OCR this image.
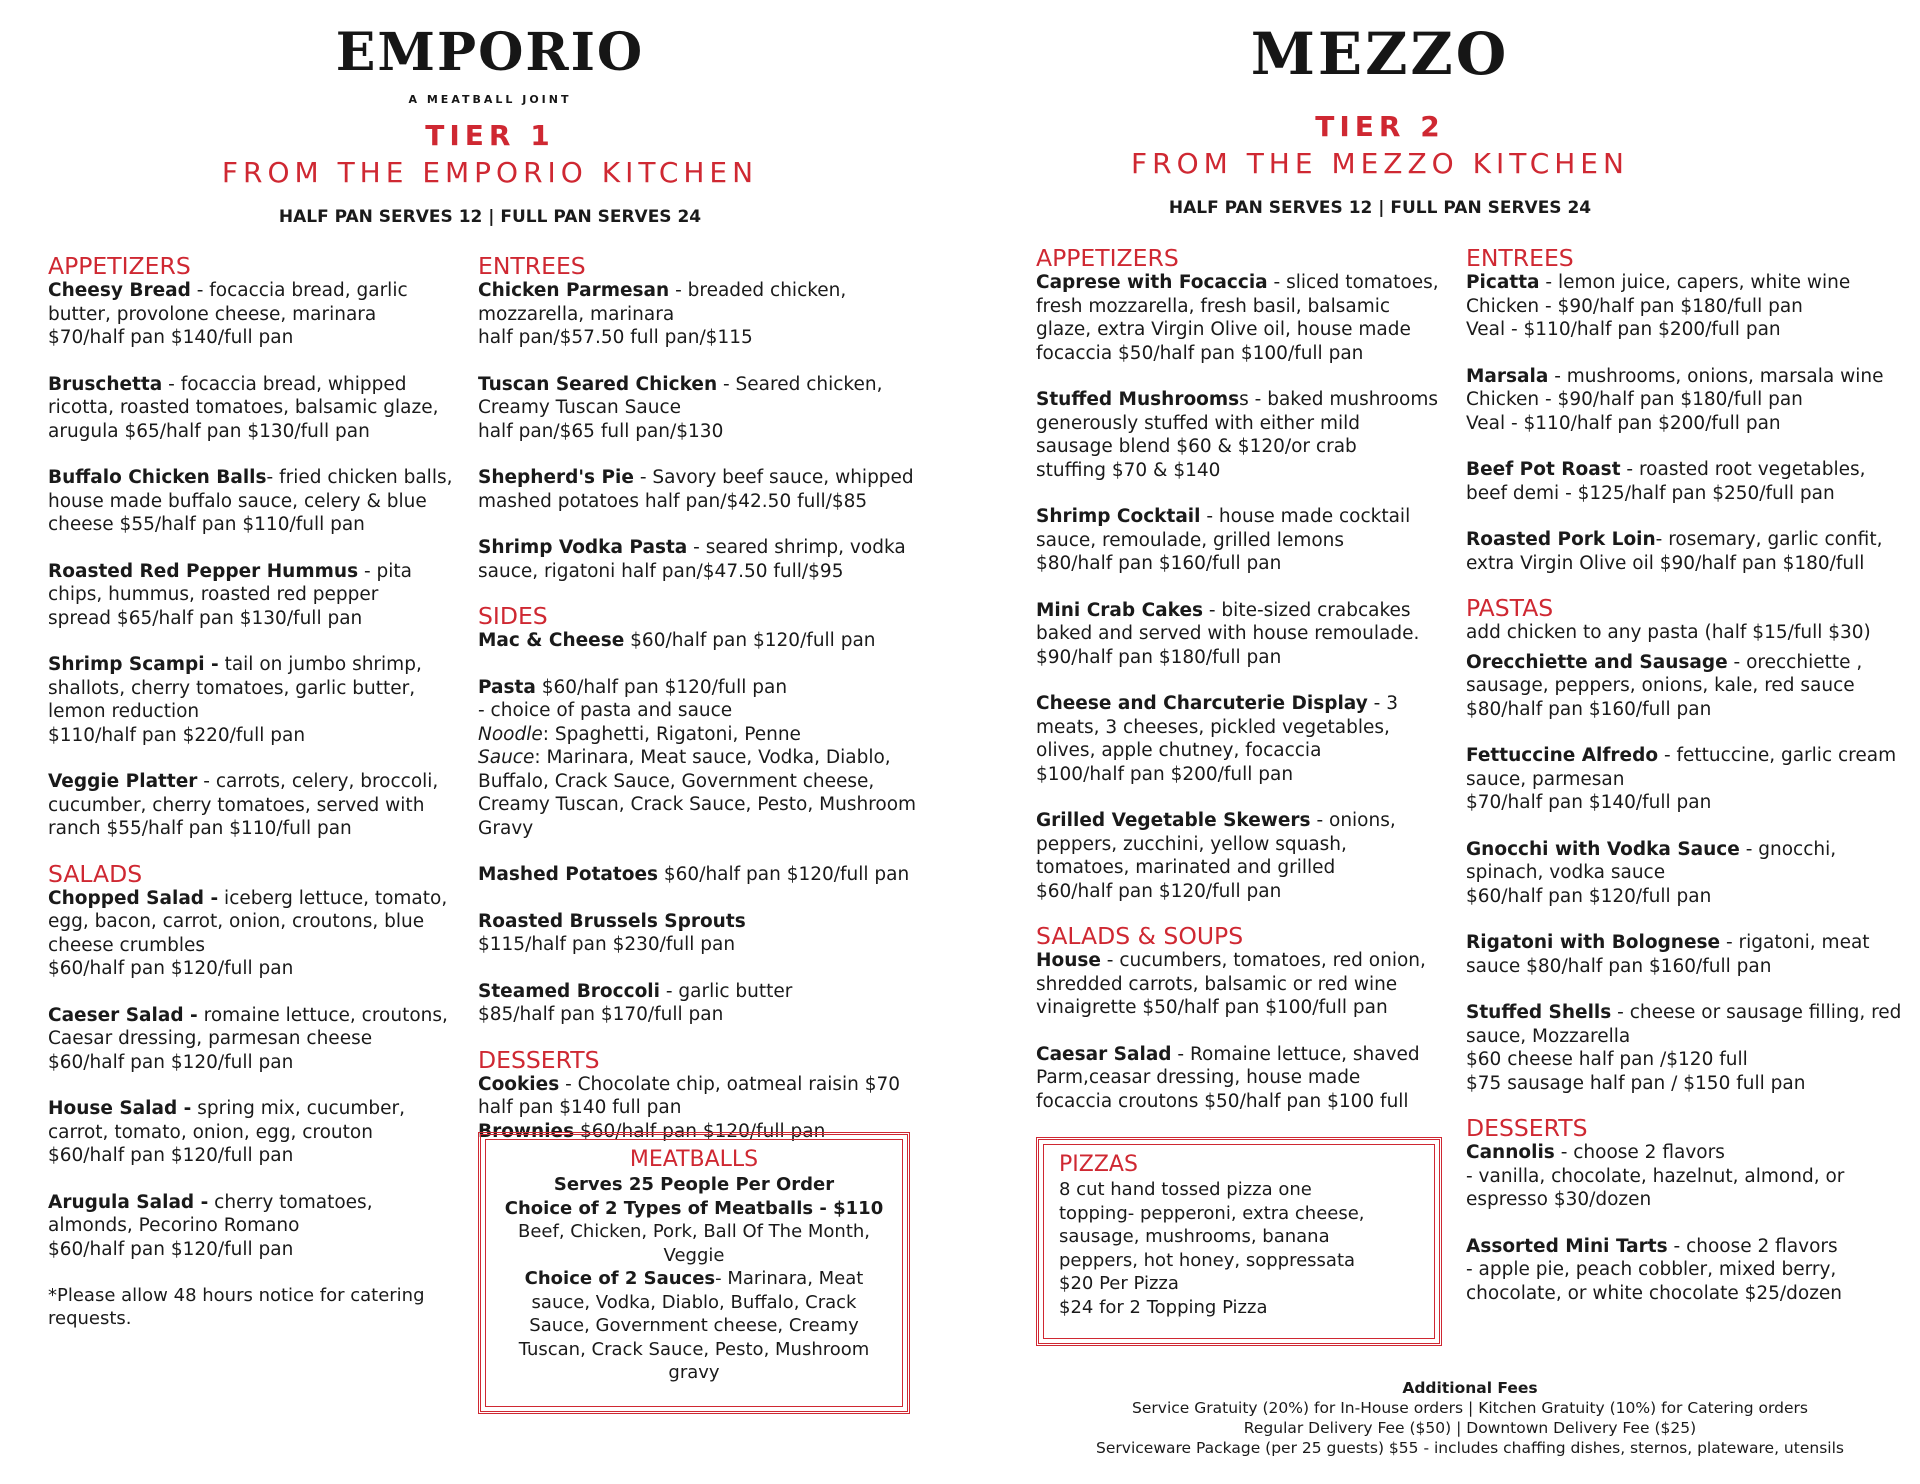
EMPORIO
A MEATBALL JOINT
TIER 1
FROM THE EMPORIO KITCHEN
HALF PAN SERVES 12 | FULL PAN SERVES 24
APPETIZERS

Cheesy Bread - focaccia bread, garlic

butter, provolone cheese, marinara

$70/half pan $140/full pan

Bruschetta - focaccia bread, whipped

ricotta, roasted tomatoes, balsamic glaze,

arugula $65/half pan $130/full pan

Buffalo Chicken Balls- fried chicken balls,

house made buffalo sauce, celery & blue

cheese $55/half pan $110/full pan

Roasted Red Pepper Hummus - pita

chips, hummus, roasted red pepper

spread $65/half pan $130/full pan

Shrimp Scampi - tail on jumbo shrimp,

shallots, cherry tomatoes, garlic butter,

lemon reduction

$110/half pan $220/full pan

Veggie Platter - carrots, celery, broccoli,

cucumber, cherry tomatoes, served with

ranch $55/half pan $110/full pan

SALADS

Chopped Salad - iceberg lettuce, tomato,

egg, bacon, carrot, onion, croutons, blue

cheese crumbles

$60/half pan $120/full pan

Caeser Salad - romaine lettuce, croutons,

Caesar dressing, parmesan cheese

$60/half pan $120/full pan

House Salad - spring mix, cucumber,

carrot, tomato, onion, egg, crouton

$60/half pan $120/full pan

Arugula Salad - cherry tomatoes,

almonds, Pecorino Romano

$60/half pan $120/full pan

*Please allow 48 hours notice for catering

requests.

ENTREES

Chicken Parmesan - breaded chicken,

mozzarella, marinara

half pan/$57.50 full pan/$115

Tuscan Seared Chicken - Seared chicken,

Creamy Tuscan Sauce

half pan/$65 full pan/$130

Shepherd's Pie - Savory beef sauce, whipped

mashed potatoes half pan/$42.50 full/$85

Shrimp Vodka Pasta - seared shrimp, vodka

sauce, rigatoni half pan/$47.50 full/$95

SIDES

Mac & Cheese $60/half pan $120/full pan

Pasta $60/half pan $120/full pan

- choice of pasta and sauce

Noodle: Spaghetti, Rigatoni, Penne

Sauce: Marinara, Meat sauce, Vodka, Diablo,

Buffalo, Crack Sauce, Government cheese,

Creamy Tuscan, Crack Sauce, Pesto, Mushroom

Gravy

Mashed Potatoes $60/half pan $120/full pan

Roasted Brussels Sprouts

$115/half pan $230/full pan

Steamed Broccoli - garlic butter

$85/half pan $170/full pan

DESSERTS

Cookies - Chocolate chip, oatmeal raisin $70

half pan $140 full pan

Brownies $60/half pan $120/full pan

MEATBALLS
Serves 25 People Per Order
Choice of 2 Types of Meatballs - $110
Beef, Chicken, Pork, Ball Of The Month,
Veggie
Choice of 2 Sauces- Marinara, Meat
sauce, Vodka, Diablo, Buffalo, Crack
Sauce, Government cheese, Creamy
Tuscan, Crack Sauce, Pesto, Mushroom
gravy
MEZZO
TIER 2
FROM THE MEZZO KITCHEN
HALF PAN SERVES 12 | FULL PAN SERVES 24
APPETIZERS

Caprese with Focaccia - sliced tomatoes,

fresh mozzarella, fresh basil, balsamic

glaze, extra Virgin Olive oil, house made

focaccia $50/half pan $100/full pan

Stuffed Mushroomss - baked mushrooms

generously stuffed with either mild

sausage blend $60 & $120/or crab

stuffing $70 & $140

Shrimp Cocktail - house made cocktail

sauce, remoulade, grilled lemons

$80/half pan $160/full pan

Mini Crab Cakes - bite-sized crabcakes

baked and served with house remoulade.

$90/half pan $180/full pan

Cheese and Charcuterie Display - 3

meats, 3 cheeses, pickled vegetables,

olives, apple chutney, focaccia

$100/half pan $200/full pan

Grilled Vegetable Skewers - onions,

peppers, zucchini, yellow squash,

tomatoes, marinated and grilled

$60/half pan $120/full pan

SALADS & SOUPS

House - cucumbers, tomatoes, red onion,

shredded carrots, balsamic or red wine

vinaigrette $50/half pan $100/full pan

Caesar Salad - Romaine lettuce, shaved

Parm,ceasar dressing, house made

focaccia croutons $50/half pan $100 full

PIZZAS
8 cut hand tossed pizza one
topping- pepperoni, extra cheese,
sausage, mushrooms, banana
peppers, hot honey, soppressata
$20 Per Pizza
$24 for 2 Topping Pizza
ENTREES

Picatta - lemon juice, capers, white wine

Chicken - $90/half pan $180/full pan

Veal - $110/half pan $200/full pan

Marsala - mushrooms, onions, marsala wine

Chicken - $90/half pan $180/full pan

Veal - $110/half pan $200/full pan

Beef Pot Roast - roasted root vegetables,

beef demi - $125/half pan $250/full pan

Roasted Pork Loin- rosemary, garlic confit,

extra Virgin Olive oil $90/half pan $180/full

PASTAS
add chicken to any pasta (half $15/full $30)

Orecchiette and Sausage - orecchiette ,

sausage, peppers, onions, kale, red sauce

$80/half pan $160/full pan

Fettuccine Alfredo - fettuccine, garlic cream

sauce, parmesan

$70/half pan $140/full pan

Gnocchi with Vodka Sauce - gnocchi,

spinach, vodka sauce

$60/half pan $120/full pan

Rigatoni with Bolognese - rigatoni, meat

sauce $80/half pan $160/full pan

Stuffed Shells - cheese or sausage filling, red

sauce, Mozzarella

$60 cheese half pan /$120 full

$75 sausage half pan / $150 full pan

DESSERTS

Cannolis - choose 2 flavors

- vanilla, chocolate, hazelnut, almond, or

espresso $30/dozen

Assorted Mini Tarts - choose 2 flavors

- apple pie, peach cobbler, mixed berry,

chocolate, or white chocolate $25/dozen

Additional Fees
Service Gratuity (20%) for In-House orders | Kitchen Gratuity (10%) for Catering orders
Regular Delivery Fee ($50) | Downtown Delivery Fee ($25)
Serviceware Package (per 25 guests) $55 - includes chaffing dishes, sternos, plateware, utensils
